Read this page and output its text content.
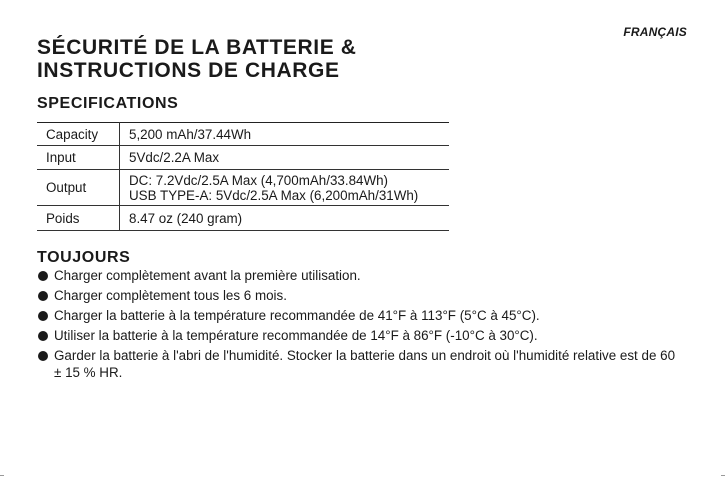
FRANÇAIS
SÉCURITÉ DE LA BATTERIE &
INSTRUCTIONS DE CHARGE
SPECIFICATIONS
Capacity	5,200 mAh/37.44Wh

Input	5Vdc/2.2A Max

Output	DC: 7.2Vdc/2.5A Max (4,700mAh/33.84Wh)
USB TYPE-A: 5Vdc/2.5A Max (6,200mAh/31Wh)

Poids	8.47 oz (240 gram)
TOUJOURS
Charger complètement avant la première utilisation.
Charger complètement tous les 6 mois.
Charger la batterie à la température recommandée de 41°F à 113°F (5°C à 45°C).
Utiliser la batterie à la température recommandée de 14°F à 86°F (-10°C à 30°C).
Garder la batterie à l'abri de l'humidité. Stocker la batterie dans un endroit où l'humidité relative est de 60 ± 15 % HR.
